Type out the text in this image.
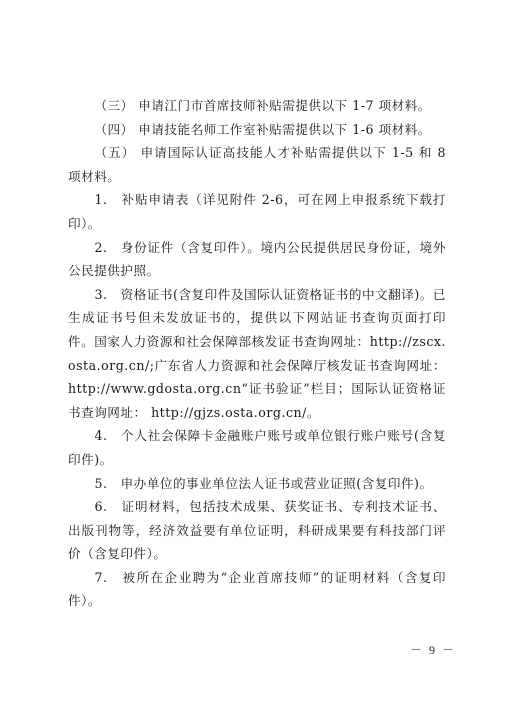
（三） 申请江门市首席技师补贴需提供以下 1-7 项材料。

（四） 申请技能名师工作室补贴需提供以下 1-6 项材料。

（五） 申请国际认证高技能人才补贴需提供以下 1-5 和 8 项材料。

1.　补贴申请表（详见附件 2-6，可在网上申报系统下载打印）。

2.　身份证件（含复印件）。境内公民提供居民身份证，境外公民提供护照。

3.　资格证书(含复印件及国际认证资格证书的中文翻译)。已生成证书号但未发放证书的，提供以下网站证书查询页面打印件。国家人力资源和社会保障部核发证书查询网址：http://zscx.osta.org.cn/;广东省人力资源和社会保障厅核发证书查询网址：http://www.gdosta.org.cn“证书验证”栏目；国际认证资格证书查询网址： http://gjzs.osta.org.cn/。

4.　个人社会保障卡金融账户账号或单位银行账户账号(含复印件)。

5.　申办单位的事业单位法人证书或营业证照(含复印件)。

6.　证明材料，包括技术成果、获奖证书、专利技术证书、出版刊物等，经济效益要有单位证明，科研成果要有科技部门评价（含复印件）。

7.　被所在企业聘为“企业首席技师”的证明材料（含复印件）。

－ 9 －
